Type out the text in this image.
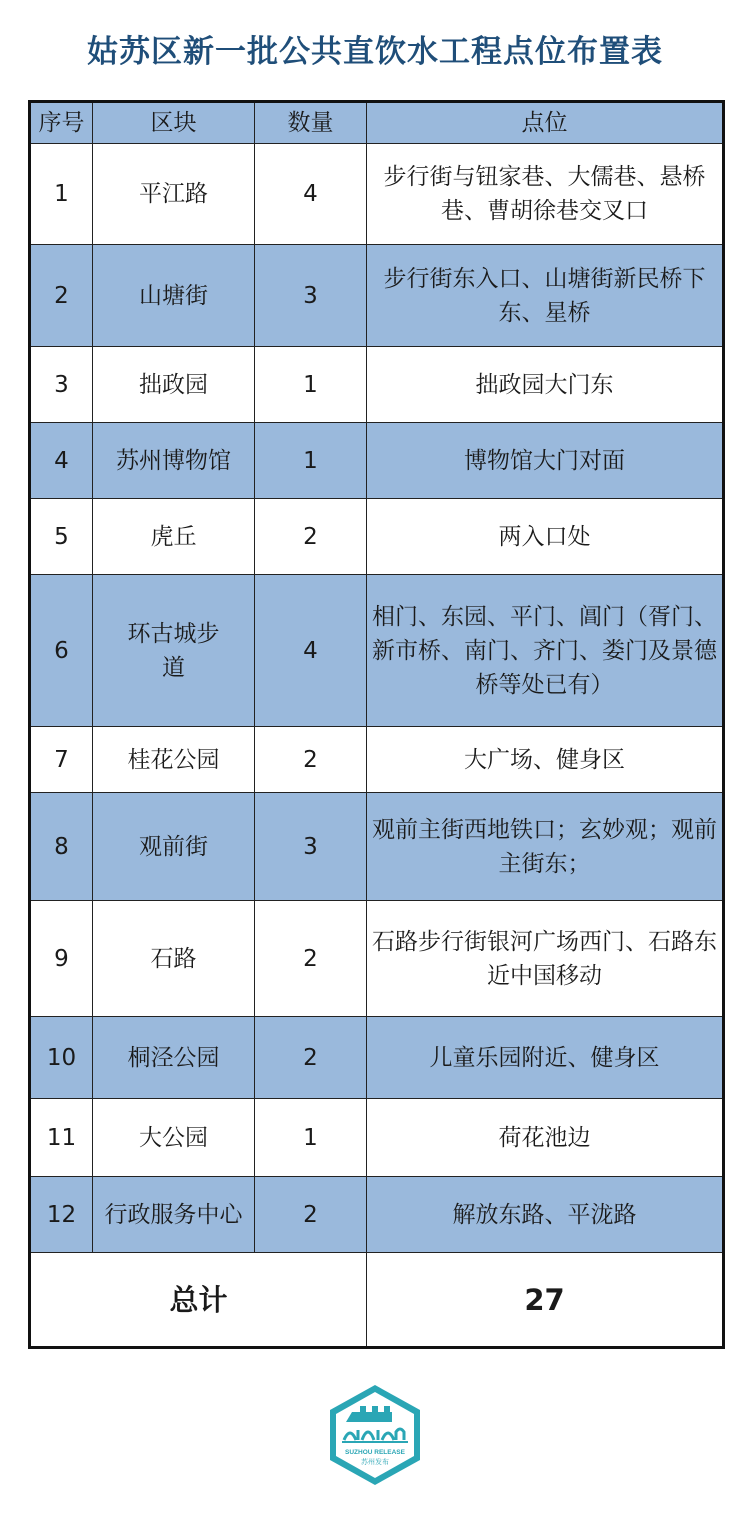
姑苏区新一批公共直饮水工程点位布置表
序号	区块	数量	点位
1	平江路	4	步行街与钮家巷、大儒巷、悬桥巷、曹胡徐巷交叉口
2	山塘街	3	步行街东入口、山塘街新民桥下东、星桥
3	拙政园	1	拙政园大门东
4	苏州博物馆	1	博物馆大门对面
5	虎丘	2	两入口处
6	环古城步道	4	相门、东园、平门、阊门（胥门、新市桥、南门、齐门、娄门及景德桥等处已有）
7	桂花公园	2	大广场、健身区
8	观前街	3	观前主街西地铁口；玄妙观；观前主街东；
9	石路	2	石路步行街银河广场西门、石路东近中国移动
10	桐泾公园	2	儿童乐园附近、健身区
11	大公园	1	荷花池边
12	行政服务中心	2	解放东路、平泷路
总计			27
SUZHOU RELEASE
苏州发布
